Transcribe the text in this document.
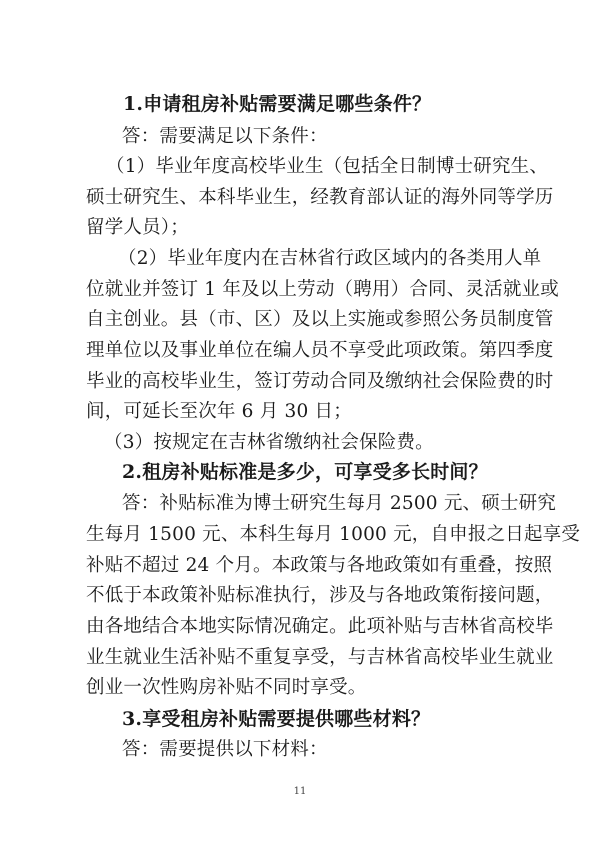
1.申请租房补贴需要满足哪些条件？
答：需要满足以下条件：
（1）毕业年度高校毕业生（包括全日制博士研究生、
硕士研究生、本科毕业生，经教育部认证的海外同等学历
留学人员）；
（2）毕业年度内在吉林省行政区域内的各类用人单
位就业并签订 1 年及以上劳动（聘用）合同、灵活就业或
自主创业。县（市、区）及以上实施或参照公务员制度管
理单位以及事业单位在编人员不享受此项政策。第四季度
毕业的高校毕业生，签订劳动合同及缴纳社会保险费的时
间，可延长至次年 6 月 30 日；
（3）按规定在吉林省缴纳社会保险费。
2.租房补贴标准是多少，可享受多长时间？
答：补贴标准为博士研究生每月 2500 元、硕士研究
生每月 1500 元、本科生每月 1000 元，自申报之日起享受
补贴不超过 24 个月。本政策与各地政策如有重叠，按照
不低于本政策补贴标准执行，涉及与各地政策衔接问题，
由各地结合本地实际情况确定。此项补贴与吉林省高校毕
业生就业生活补贴不重复享受，与吉林省高校毕业生就业
创业一次性购房补贴不同时享受。
3.享受租房补贴需要提供哪些材料？
答：需要提供以下材料：
11
